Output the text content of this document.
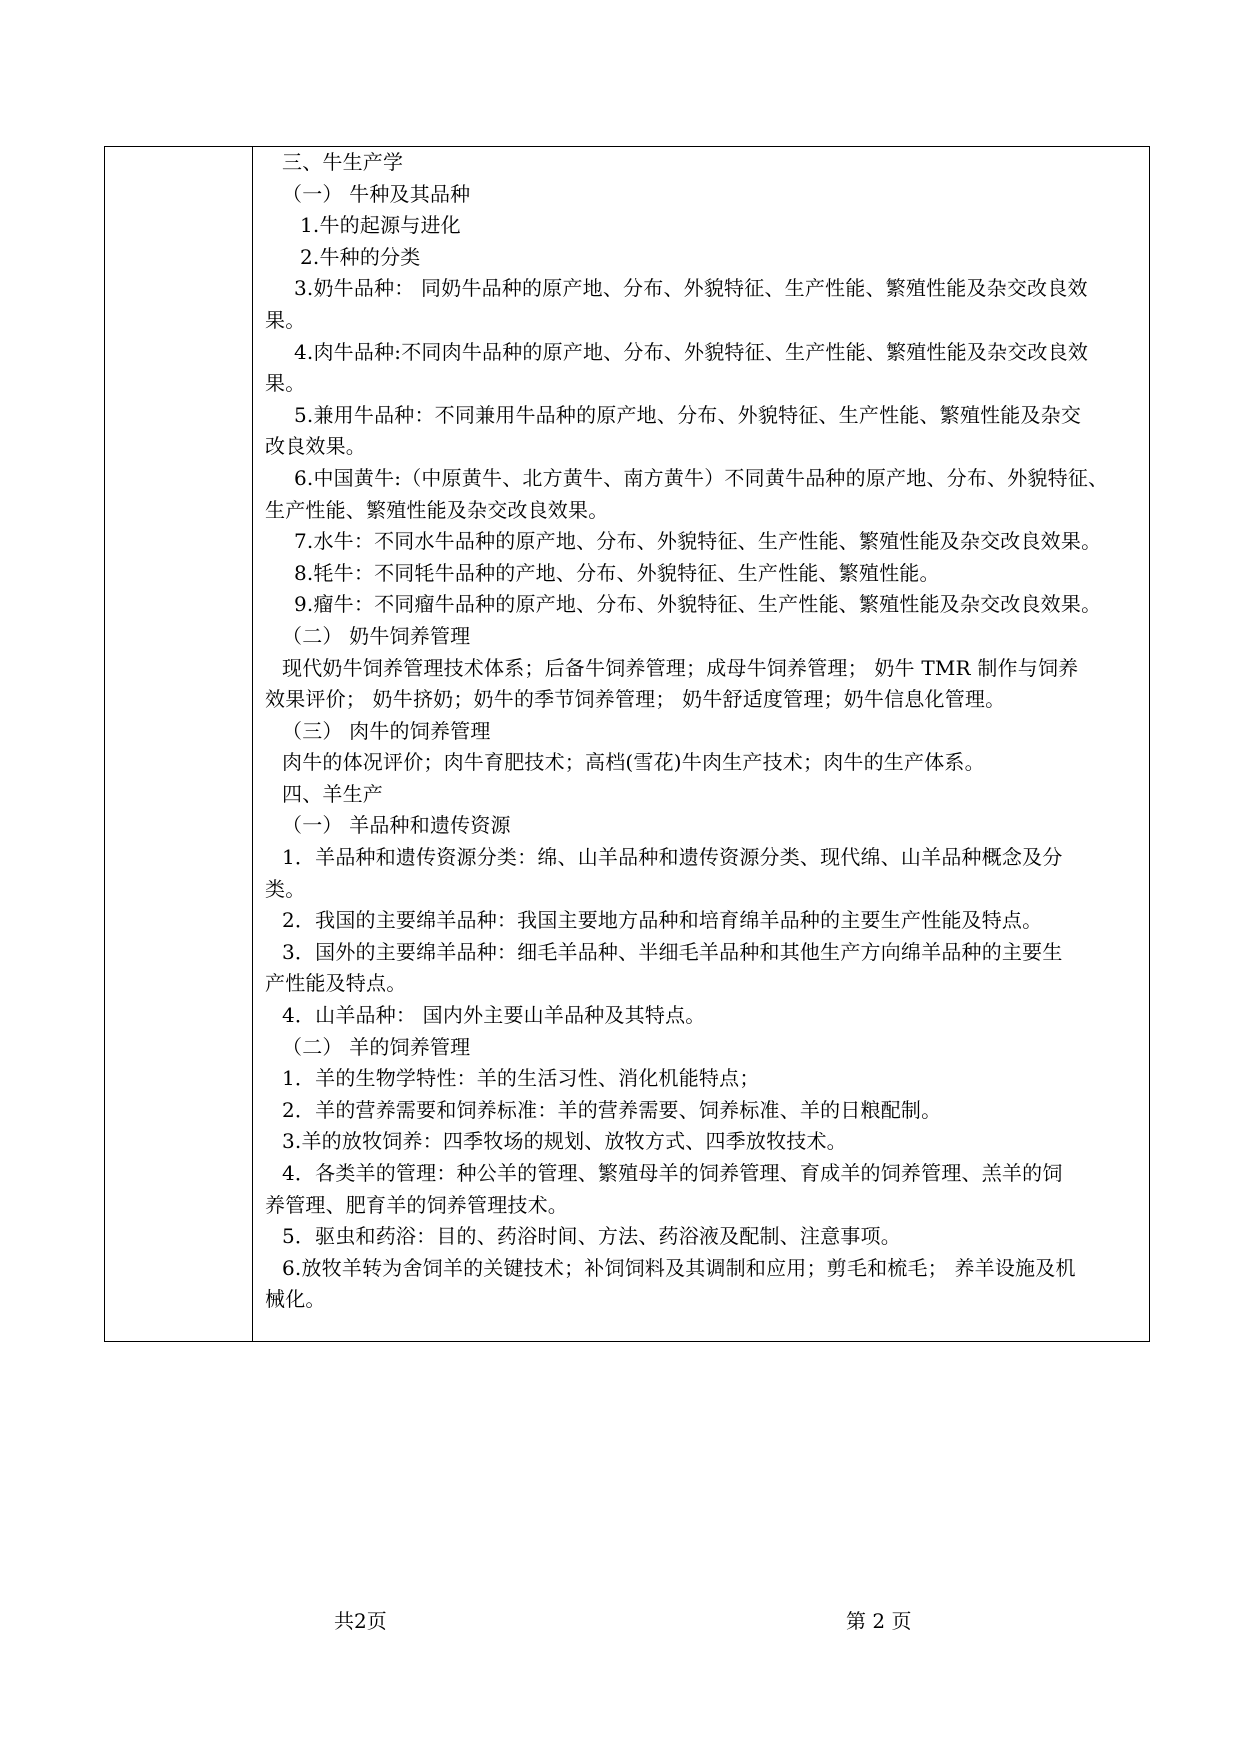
三、牛生产学

（一） 牛种及其品种

1.牛的起源与进化

2.牛种的分类

3.奶牛品种： 同奶牛品种的原产地、分布、外貌特征、生产性能、繁殖性能及杂交改良效

果。

4.肉牛品种:不同肉牛品种的原产地、分布、外貌特征、生产性能、繁殖性能及杂交改良效

果。

5.兼用牛品种：不同兼用牛品种的原产地、分布、外貌特征、生产性能、繁殖性能及杂交

改良效果。

6.中国黄牛:（中原黄牛、北方黄牛、南方黄牛）不同黄牛品种的原产地、分布、外貌特征、

生产性能、繁殖性能及杂交改良效果。

7.水牛：不同水牛品种的原产地、分布、外貌特征、生产性能、繁殖性能及杂交改良效果。

8.牦牛：不同牦牛品种的产地、分布、外貌特征、生产性能、繁殖性能。

9.瘤牛：不同瘤牛品种的原产地、分布、外貌特征、生产性能、繁殖性能及杂交改良效果。

（二） 奶牛饲养管理

现代奶牛饲养管理技术体系；后备牛饲养管理；成母牛饲养管理； 奶牛 TMR 制作与饲养

效果评价； 奶牛挤奶；奶牛的季节饲养管理； 奶牛舒适度管理；奶牛信息化管理。

（三） 肉牛的饲养管理

肉牛的体况评价；肉牛育肥技术；高档(雪花)牛肉生产技术；肉牛的生产体系。

四、羊生产

（一） 羊品种和遗传资源

1．羊品种和遗传资源分类：绵、山羊品种和遗传资源分类、现代绵、山羊品种概念及分

类。

2．我国的主要绵羊品种：我国主要地方品种和培育绵羊品种的主要生产性能及特点。

3．国外的主要绵羊品种：细毛羊品种、半细毛羊品种和其他生产方向绵羊品种的主要生

产性能及特点。

4．山羊品种： 国内外主要山羊品种及其特点。

（二） 羊的饲养管理

1．羊的生物学特性：羊的生活习性、消化机能特点；

2．羊的营养需要和饲养标准：羊的营养需要、饲养标准、羊的日粮配制。

3.羊的放牧饲养：四季牧场的规划、放牧方式、四季放牧技术。

4．各类羊的管理：种公羊的管理、繁殖母羊的饲养管理、育成羊的饲养管理、羔羊的饲

养管理、肥育羊的饲养管理技术。

5．驱虫和药浴：目的、药浴时间、方法、药浴液及配制、注意事项。

6.放牧羊转为舍饲羊的关键技术；补饲饲料及其调制和应用；剪毛和梳毛； 养羊设施及机

械化。

共2页	第 2 页
